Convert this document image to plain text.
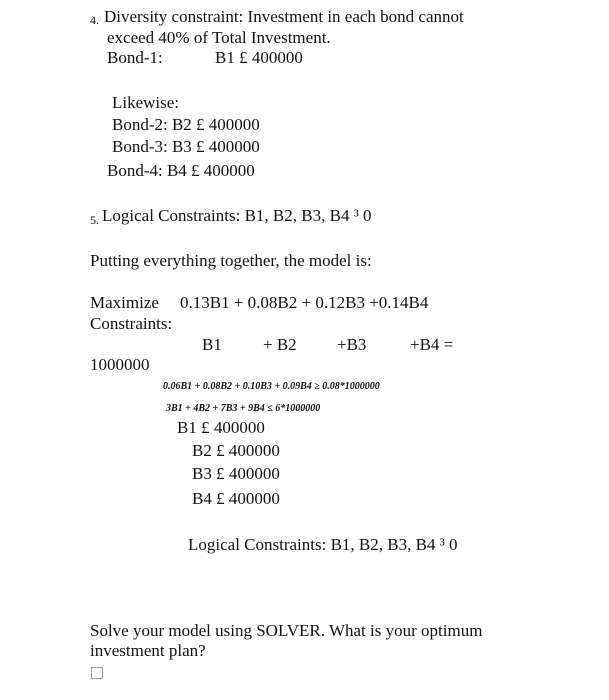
4. Diversity constraint: Investment in each bond cannot
exceed 40% of Total Investment.
Bond-1:	B1 £ 400000
Likewise:
Bond-2: B2 £ 400000
Bond-3: B3 £ 400000
Bond-4: B4 £ 400000
5. Logical Constraints: B1, B2, B3, B4 ³ 0
Putting everything together, the model is:
Maximize 0.13B1 + 0.08B2 + 0.12B3 +0.14B4
Constraints:
B1 + B2 +B3	+B4 =
1000000
0.06B1 + 0.08B2 + 0.10B3 + 0.09B4 ≥ 0.08*1000000
3B1 + 4B2 + 7B3 + 9B4 ≤ 6*1000000
B1 £ 400000
B2 £ 400000
B3 £ 400000
B4 £ 400000
Logical Constraints: B1, B2, B3, B4 ³ 0
Solve your model using SOLVER. What is your optimum
investment plan?
